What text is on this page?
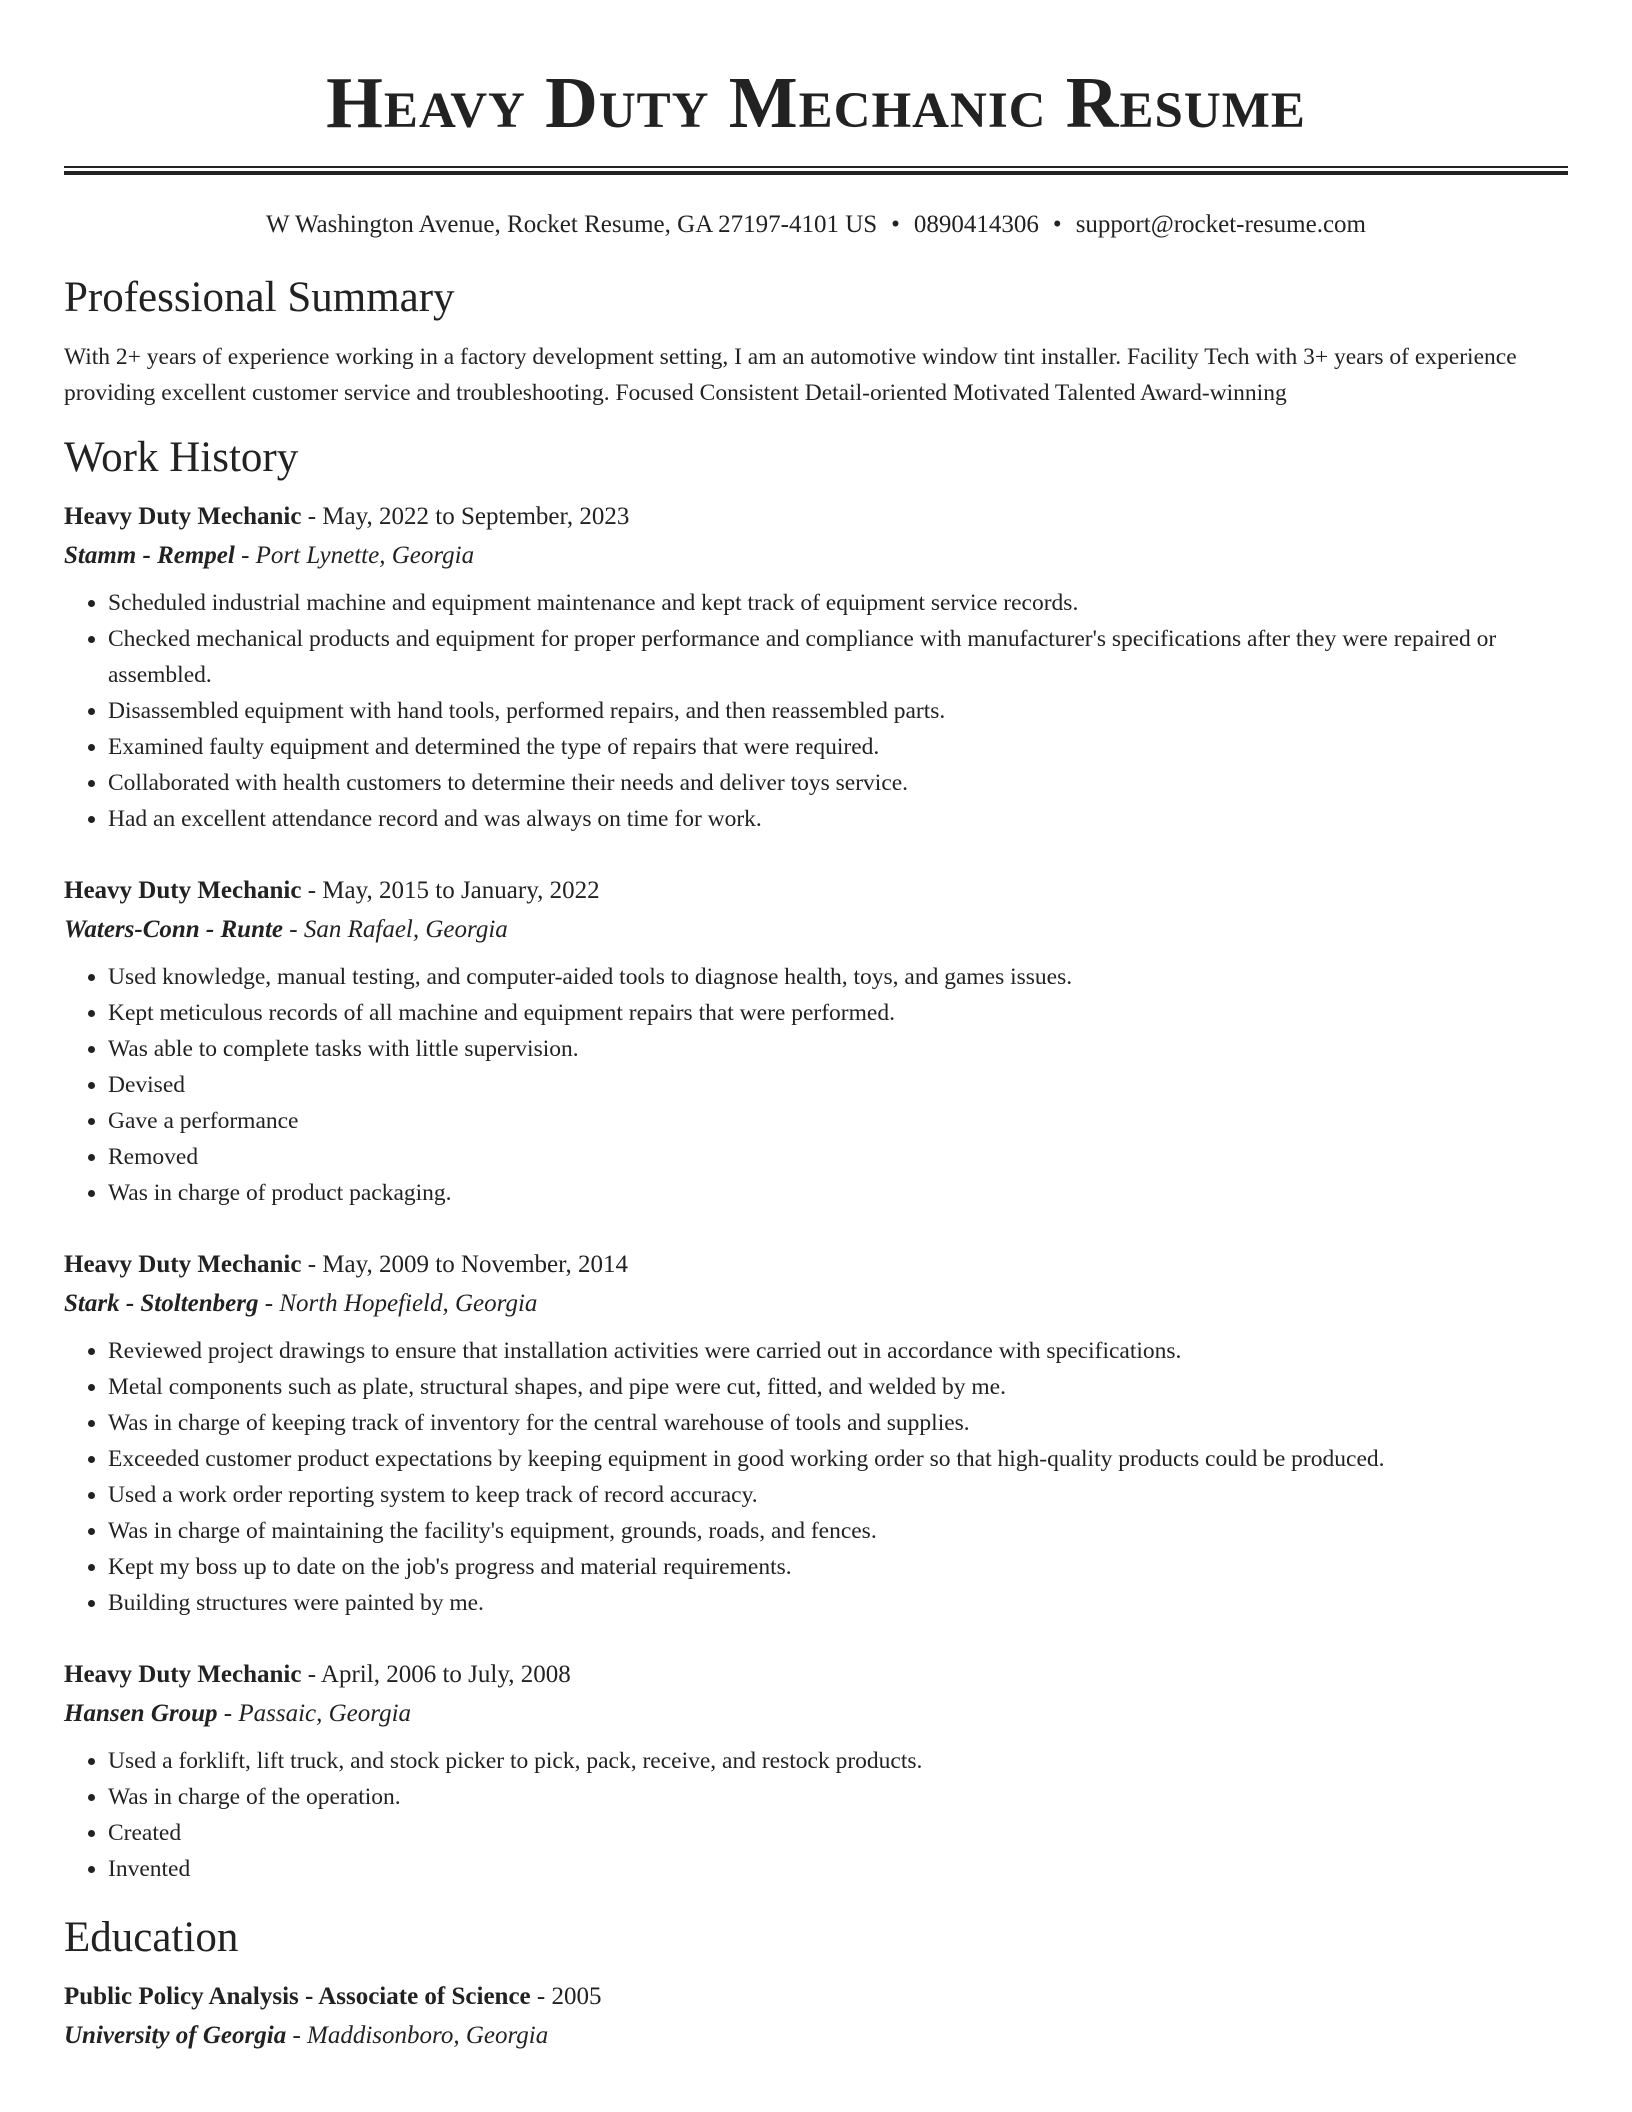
Heavy Duty Mechanic Resume
W Washington Avenue, Rocket Resume, GA 27197-4101 US • 0890414306 • support@rocket-resume.com
Professional Summary

With 2+ years of experience working in a factory development setting, I am an automotive window tint installer. Facility Tech with 3+ years of experience providing excellent customer service and troubleshooting. Focused Consistent Detail-oriented Motivated Talented Award-winning

Work History
Heavy Duty Mechanic - May, 2022 to September, 2023
Stamm - Rempel - Port Lynette, Georgia
• Scheduled industrial machine and equipment maintenance and kept track of equipment service records.
• Checked mechanical products and equipment for proper performance and compliance with manufacturer's specifications after they were repaired or assembled.
• Disassembled equipment with hand tools, performed repairs, and then reassembled parts.
• Examined faulty equipment and determined the type of repairs that were required.
• Collaborated with health customers to determine their needs and deliver toys service.
• Had an excellent attendance record and was always on time for work.
Heavy Duty Mechanic - May, 2015 to January, 2022
Waters-Conn - Runte - San Rafael, Georgia
• Used knowledge, manual testing, and computer-aided tools to diagnose health, toys, and games issues.
• Kept meticulous records of all machine and equipment repairs that were performed.
• Was able to complete tasks with little supervision.
• Devised
• Gave a performance
• Removed
• Was in charge of product packaging.
Heavy Duty Mechanic - May, 2009 to November, 2014
Stark - Stoltenberg - North Hopefield, Georgia
• Reviewed project drawings to ensure that installation activities were carried out in accordance with specifications.
• Metal components such as plate, structural shapes, and pipe were cut, fitted, and welded by me.
• Was in charge of keeping track of inventory for the central warehouse of tools and supplies.
• Exceeded customer product expectations by keeping equipment in good working order so that high-quality products could be produced.
• Used a work order reporting system to keep track of record accuracy.
• Was in charge of maintaining the facility's equipment, grounds, roads, and fences.
• Kept my boss up to date on the job's progress and material requirements.
• Building structures were painted by me.
Heavy Duty Mechanic - April, 2006 to July, 2008
Hansen Group - Passaic, Georgia
• Used a forklift, lift truck, and stock picker to pick, pack, receive, and restock products.
• Was in charge of the operation.
• Created
• Invented
Education
Public Policy Analysis - Associate of Science - 2005
University of Georgia - Maddisonboro, Georgia
